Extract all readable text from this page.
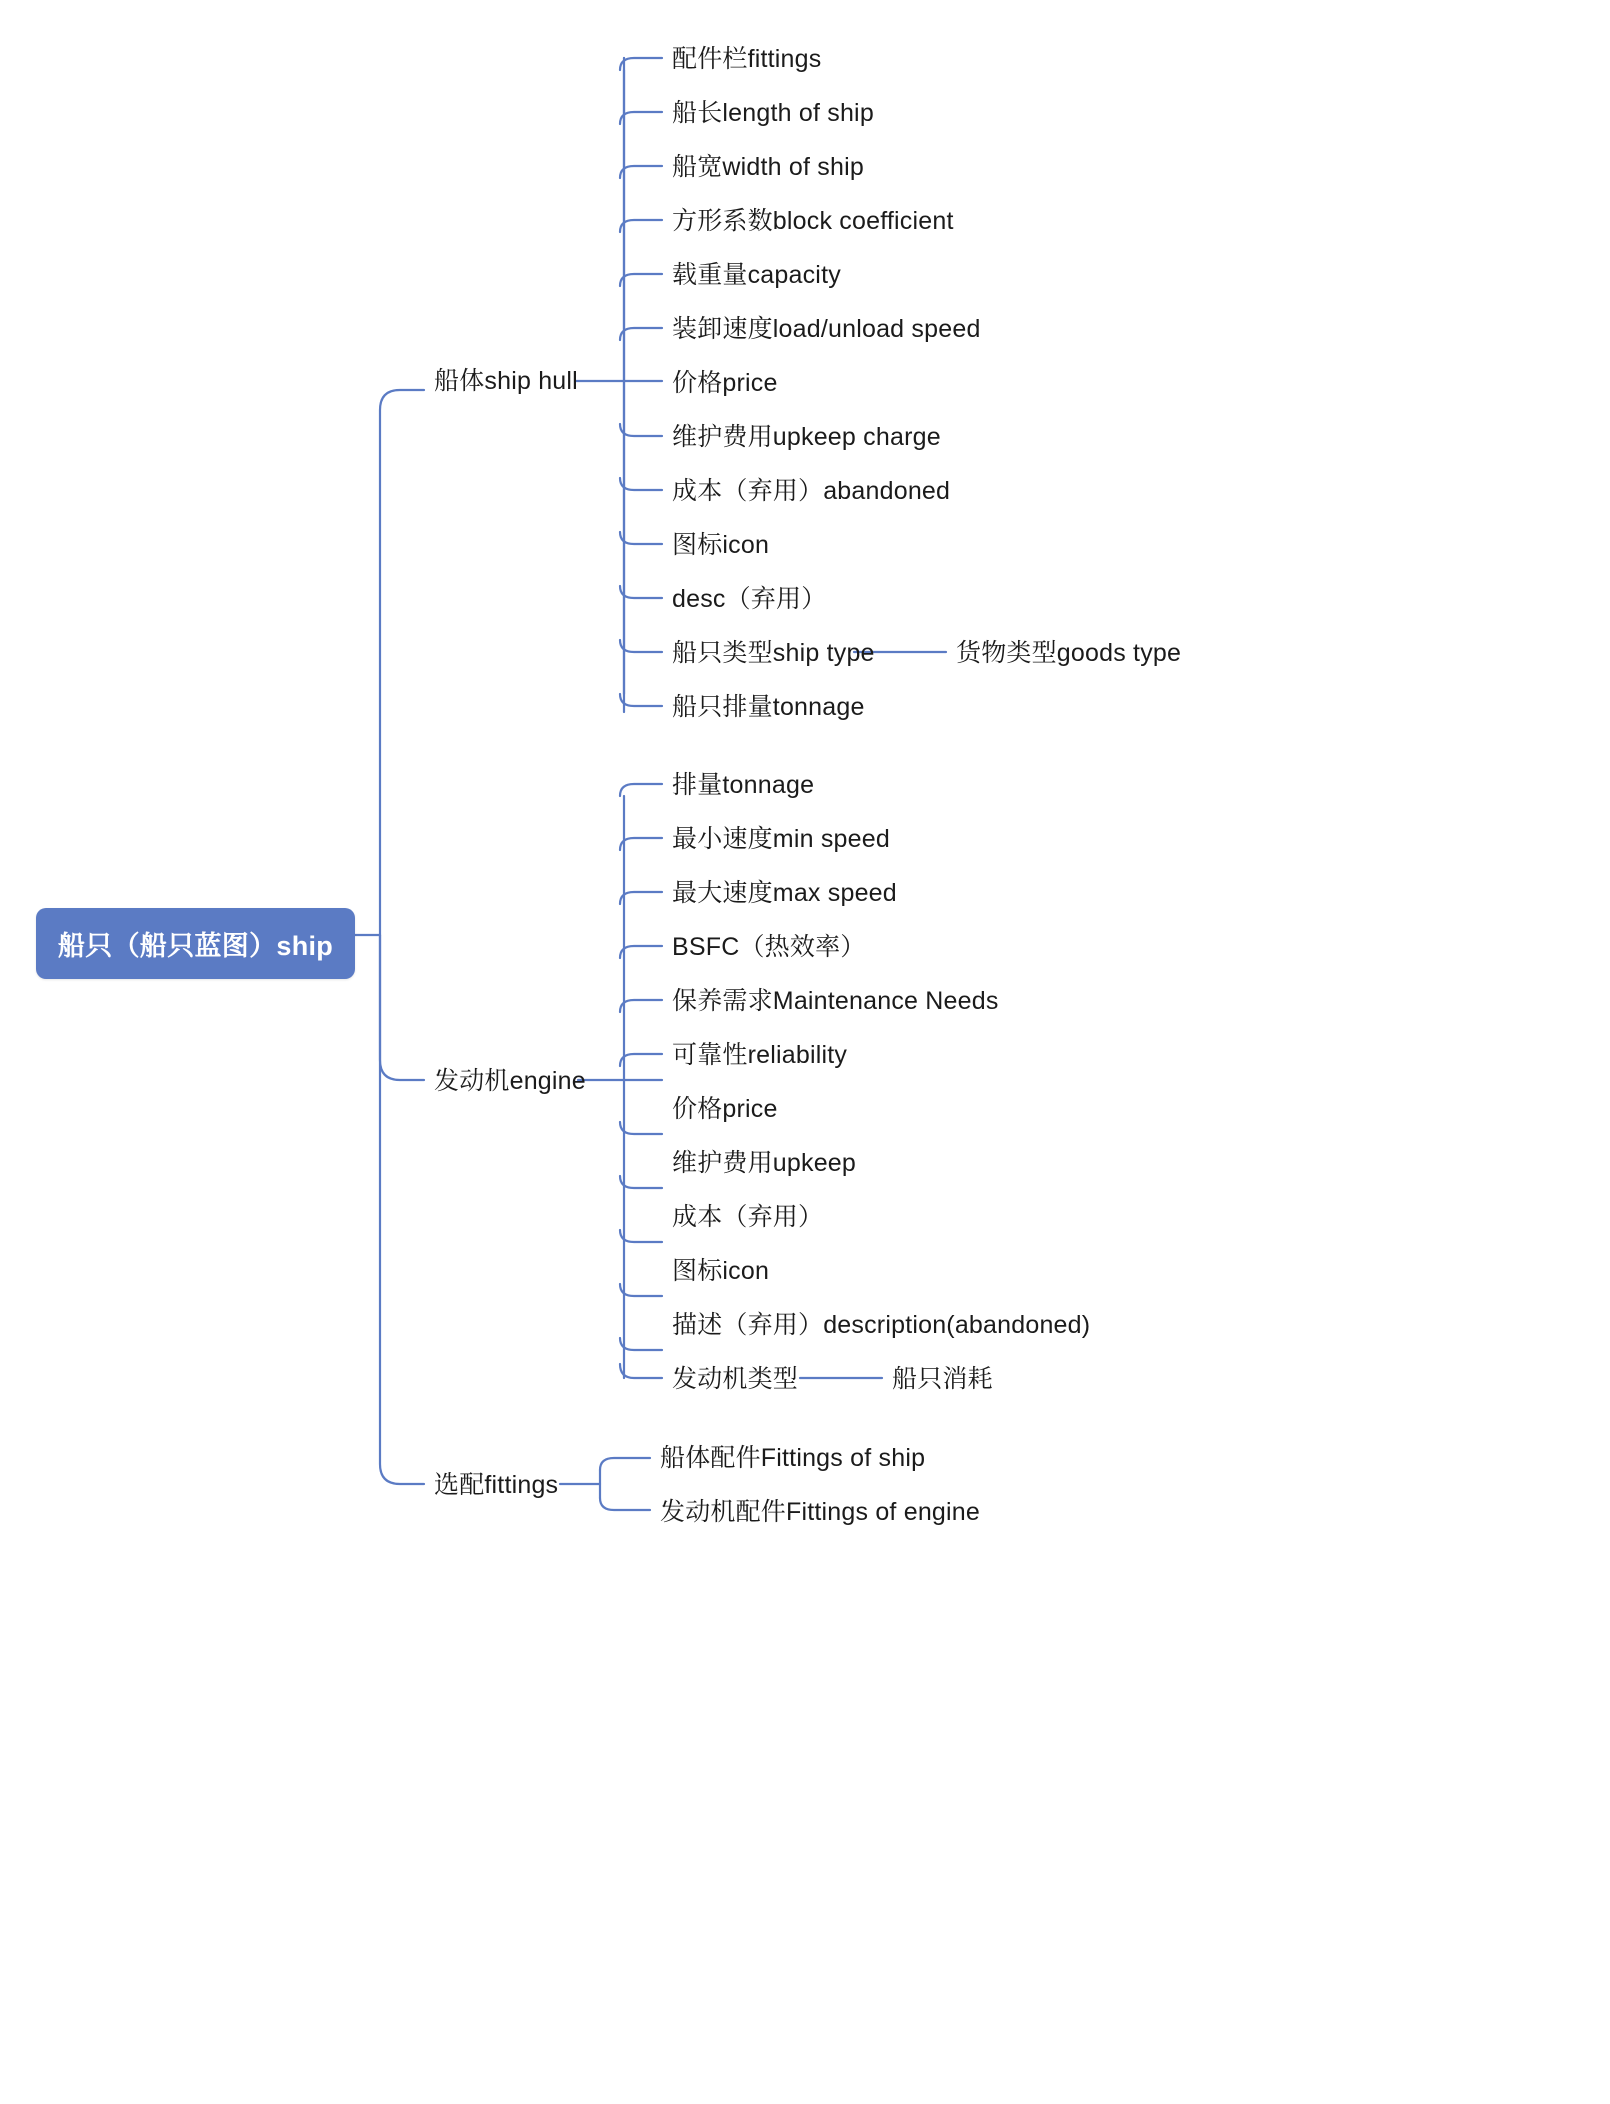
船只（船只蓝图）ship
船体ship hull
配件栏fittings
船长length of ship
船宽width of ship
方形系数block coefficient
载重量capacity
装卸速度load/unload speed
价格price
维护费用upkeep charge
成本（弃用）abandoned
图标icon
desc（弃用）
船只类型ship type	货物类型goods type
船只排量tonnage
发动机engine
排量tonnage
最小速度min speed
最大速度max speed
BSFC（热效率）
保养需求Maintenance Needs
可靠性reliability
价格price
维护费用upkeep
成本（弃用）
图标icon
描述（弃用）description(abandoned)
发动机类型	船只消耗
选配fittings
船体配件Fittings of ship
发动机配件Fittings of engine
